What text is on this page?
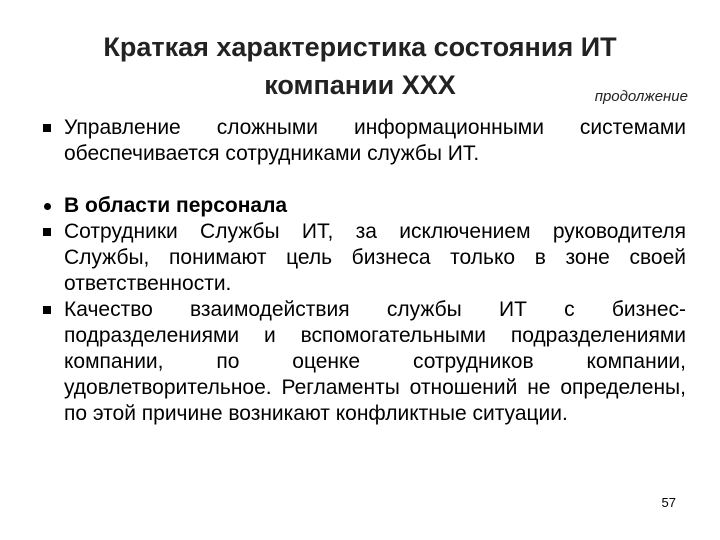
Краткая характеристика состояния ИТ
компании ХХХ	продолжение
Управление сложными информационными системами обеспечивается сотрудниками службы ИТ.
В области персонала
Сотрудники Службы ИТ, за исключением руководителя Службы, понимают цель бизнеса только в зоне своей ответственности.
Качество взаимодействия службы ИТ с бизнес-подразделениями и вспомогательными подразделениями компании, по оценке сотрудников компании, удовлетворительное. Регламенты отношений не определены, по этой причине возникают конфликтные ситуации.
57
